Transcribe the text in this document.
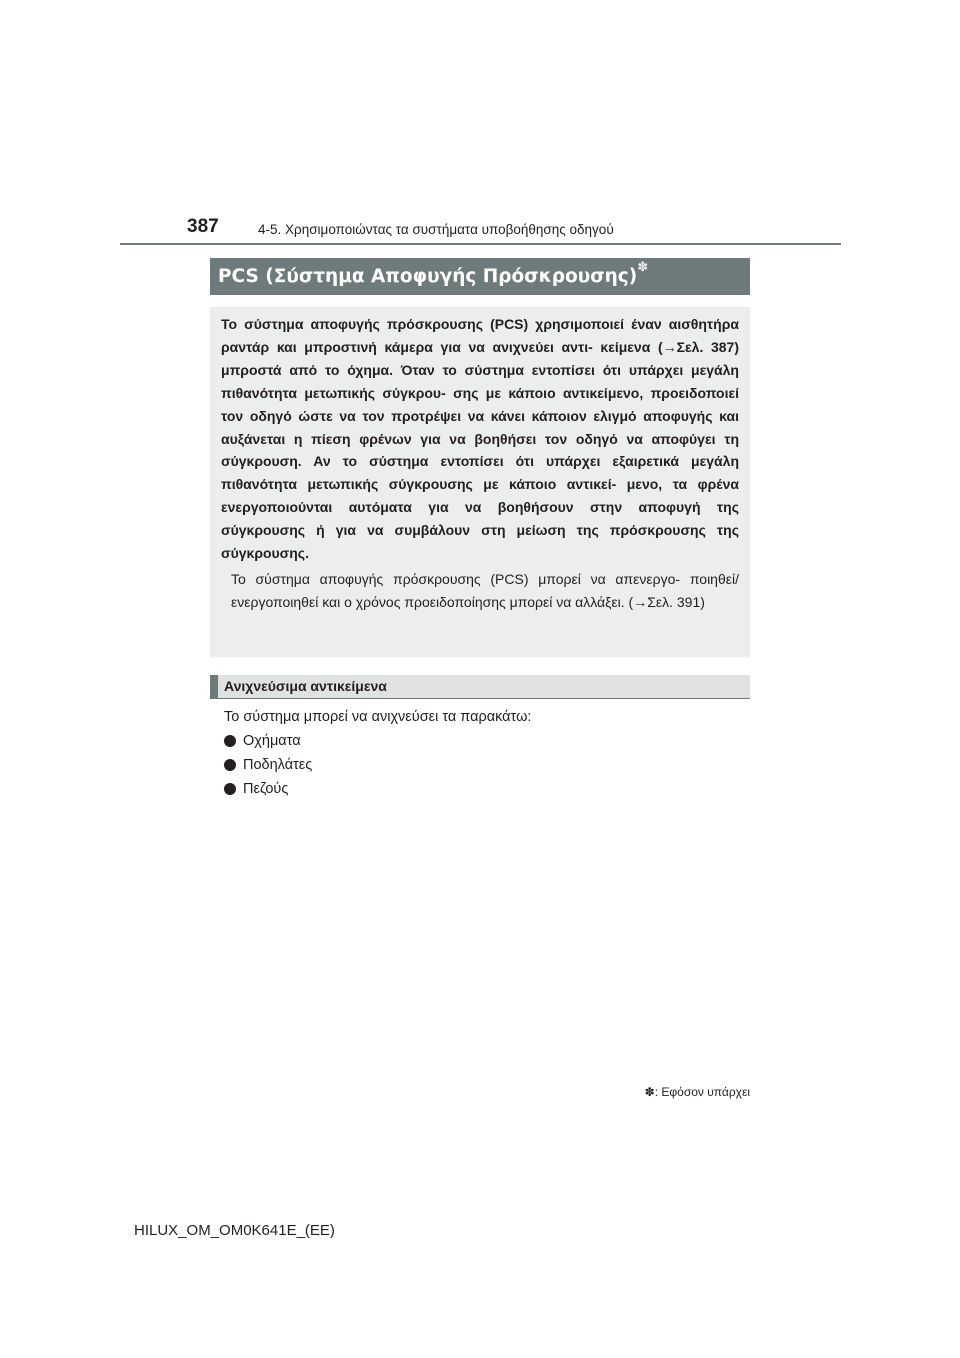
387	4-5. Χρησιμοποιώντας τα συστήματα υποβοήθησης οδηγού
PCS (Σύστημα Αποφυγής Πρόσκρουσης)✽

Το σύστημα αποφυγής πρόσκρουσης (PCS) χρησιμοποιεί έναν αισθητήρα ραντάρ και μπροστινή κάμερα για να ανιχνεύει αντι- κείμενα (→Σελ. 387) μπροστά από το όχημα. Όταν το σύστημα εντοπίσει ότι υπάρχει μεγάλη πιθανότητα μετωπικής σύγκρου- σης με κάποιο αντικείμενο, προειδοποιεί τον οδηγό ώστε να τον προτρέψει να κάνει κάποιον ελιγμό αποφυγής και αυξάνεται η πίεση φρένων για να βοηθήσει τον οδηγό να αποφύγει τη σύγκρουση. Αν το σύστημα εντοπίσει ότι υπάρχει εξαιρετικά μεγάλη πιθανότητα μετωπικής σύγκρουσης με κάποιο αντικεί- μενο, τα φρένα ενεργοποιούνται αυτόματα για να βοηθήσουν στην αποφυγή της σύγκρουσης ή για να συμβάλουν στη μείωση της πρόσκρουσης της σύγκρουσης.

Το σύστημα αποφυγής πρόσκρουσης (PCS) μπορεί να απενεργο- ποιηθεί/ενεργοποιηθεί και ο χρόνος προειδοποίησης μπορεί να αλλάξει. (→Σελ. 391)

Ανιχνεύσιμα αντικείμενα
Το σύστημα μπορεί να ανιχνεύσει τα παρακάτω:
Οχήματα
Ποδηλάτες
Πεζούς
✽: Εφόσον υπάρχει
HILUX_OM_OM0K641E_(EE)
